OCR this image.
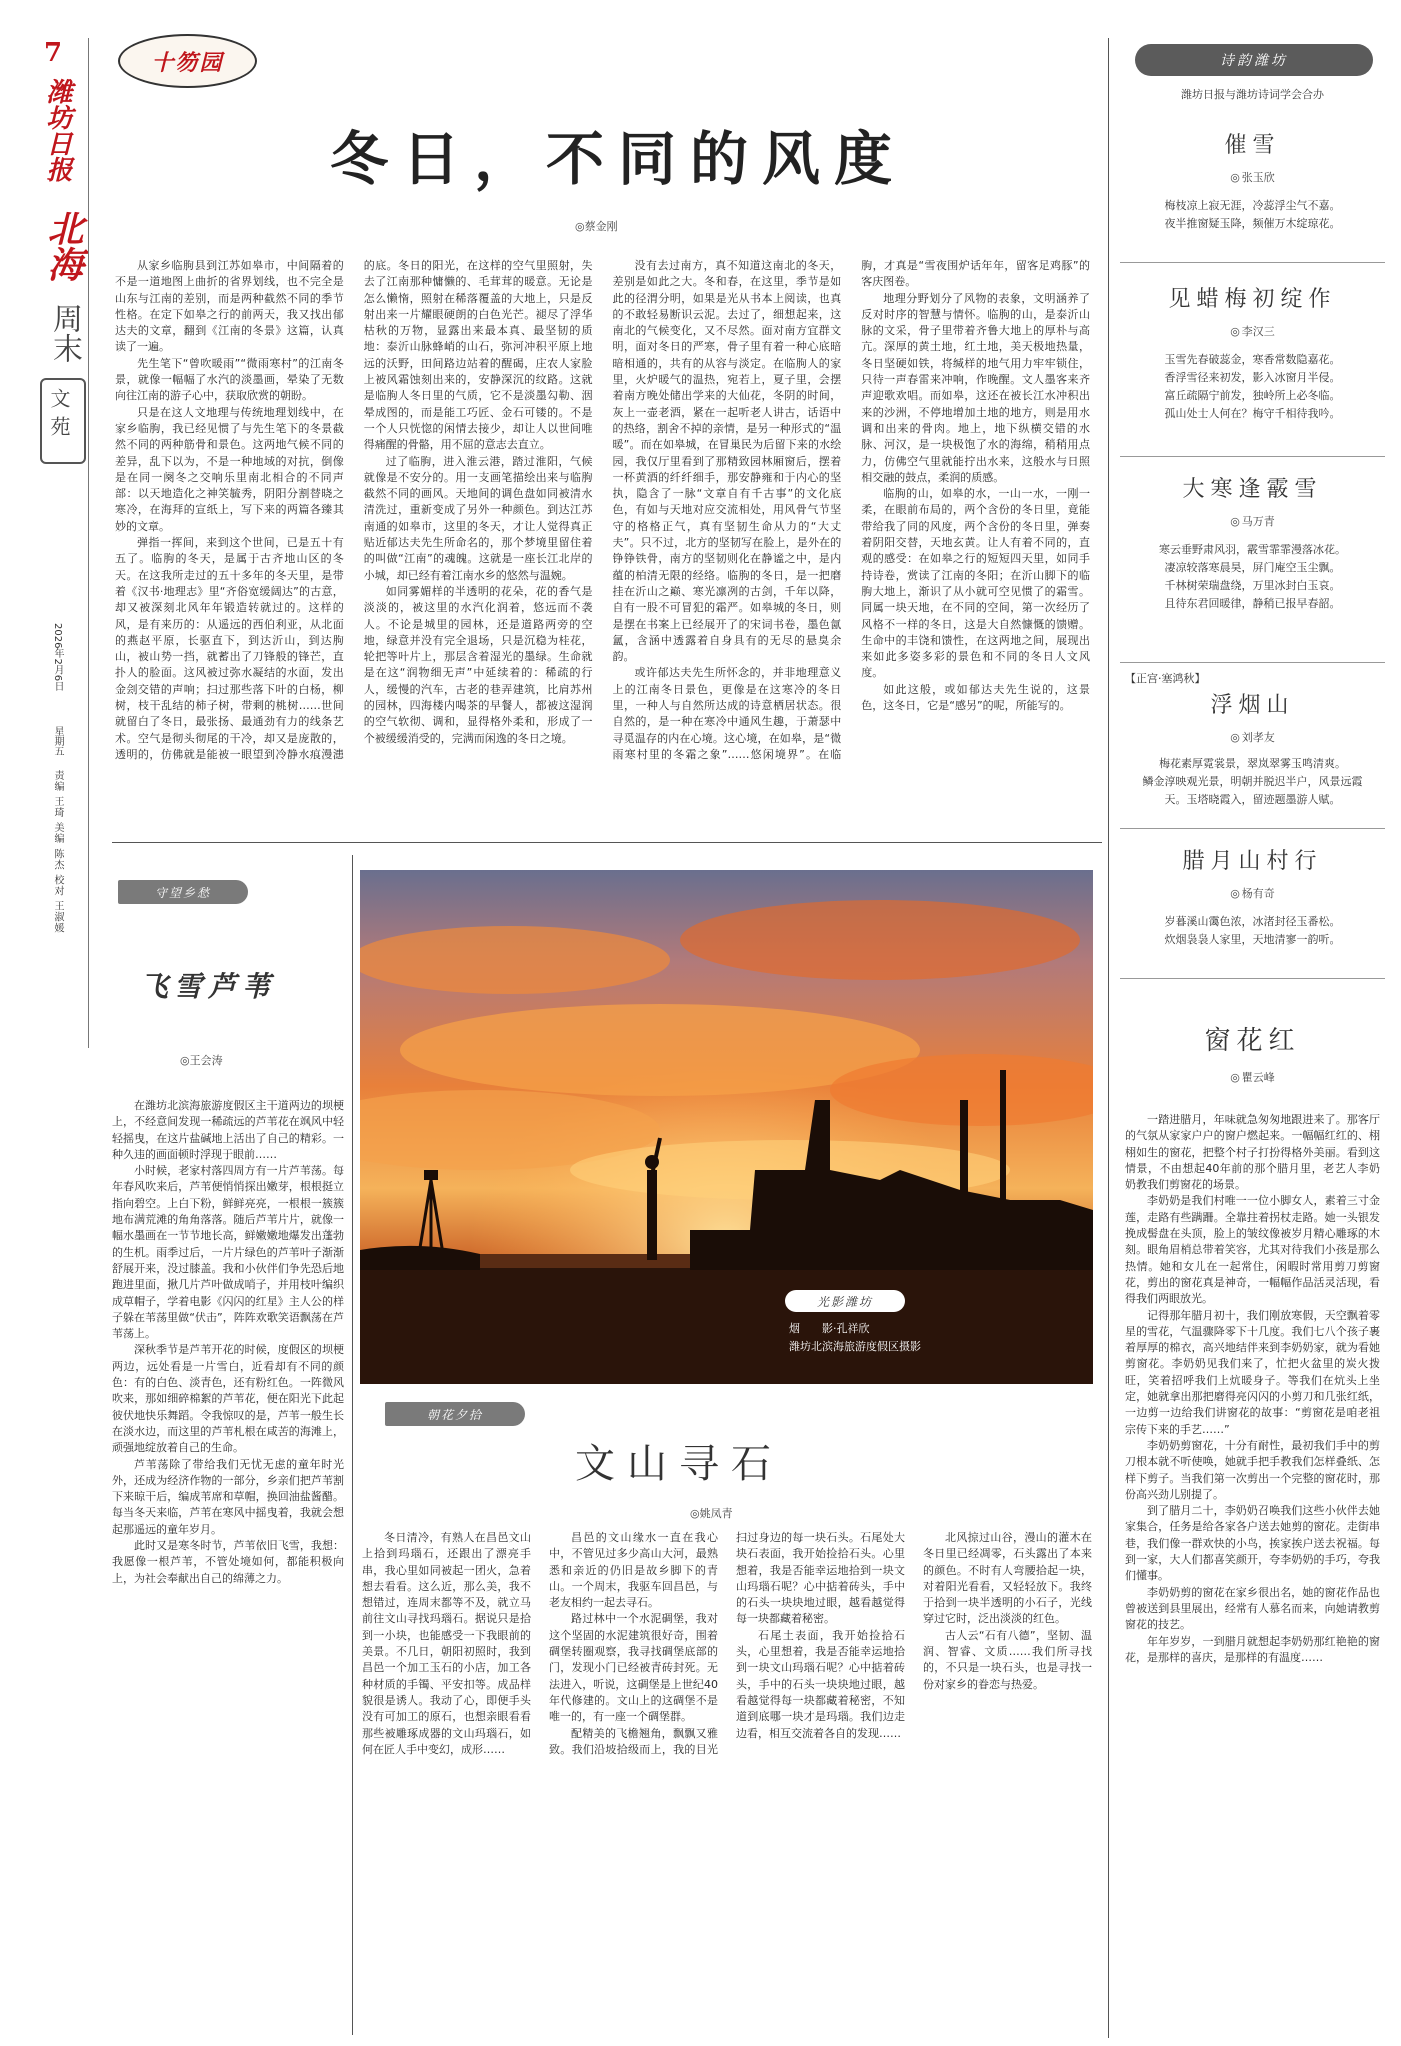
7
潍坊日报
北海
周末
文苑
2026年2月6日
星期五
责编 王琦 美编 陈杰 校对 王淑媛
十笏园
冬日，不同的风度
◎蔡金刚

从家乡临朐县到江苏如皋市，中间隔着的不是一道地图上曲折的省界划线，也不完全是山东与江南的差别，而是两种截然不同的季节性格。在定下如皋之行的前两天，我又找出郁达夫的文章，翻到《江南的冬景》这篇，认真读了一遍。

先生笔下“曾吹暖雨”“微雨寒村”的江南冬景，就像一幅幅了水汽的淡墨画，晕染了无数向往江南的游子心中，获取欣赏的朝盼。

只是在这人文地理与传统地理划线中，在家乡临朐，我已经见惯了与先生笔下的冬景截然不同的两种筋骨和景色。这两地气候不同的差异，乱下以为，不是一种地域的对抗，倒像是在同一阕冬之交响乐里南北相合的不同声部：以天地造化之神笑毓秀，阴阳分割替晓之寒冷，在海拜的宣纸上，写下来的两篇各臻其妙的文章。

弹指一挥间，来到这个世间，已是五十有五了。临朐的冬天，是属于古齐地山区的冬天。在这我所走过的五十多年的冬天里，是带着《汉书·地理志》里“齐俗宽缓阔达”的古意，却又被深刻北风年年锻造转就过的。这样的风，是有来历的：从遥远的西伯利亚，从北面的燕赵平原，长驱直下，到达沂山，到达朐山，被山势一挡，就蓄出了刀锋般的锋芒，直扑人的脸面。这风被过弥水凝结的水面，发出金刽交错的声响；扫过那些落下叶的白杨，柳树，枝干乱结的柿子树，带剩的桃树……世间就留白了冬日，最张扬、最通劲有力的线条艺术。空气是彻头彻尾的干冷，却又是庞散的，透明的，仿佛就是能被一眼望到冷静水痕漫漶的底。冬日的阳光，在这样的空气里照射，失去了江南那种慵懒的、毛茸茸的暖意。无论是怎么懒惰，照射在稀落覆盖的大地上，只是反射出来一片耀眼硬朗的白色光芒。褪尽了浮华枯秋的万物，显露出来最本真、最坚韧的质地：泰沂山脉蜂峭的山石，弥河冲积平原上地远的沃野，田间路边站着的醒碣，庄农人家脸上被风霜蚀刻出来的，安静深沉的纹路。这就是临朐人冬日里的气质，它不是淡墨勾勒、洇晕成图的，而是能工巧匠、金石可镂的。不是一个人只恍惚的闲情去接少，却让人以世间唯得痛醒的骨骼，用不屈的意志去直立。

过了临朐，进入淮云港，踏过淮阳，气候就像是不安分的。用一支画笔描绘出来与临朐截然不同的画风。天地间的调色盘如同被清水清洗过，重新变成了另外一种颜色。到达江苏南通的如皋市，这里的冬天，才让人觉得真正贴近郁达夫先生所命名的，那个梦境里留住着的叫做“江南”的魂魄。这就是一座长江北岸的小城，却已经有着江南水乡的悠然与温婉。

如同雾媚样的半透明的花朵，花的香气是淡淡的，被这里的水汽化润着，悠远而不袭人。不论是城里的园林，还是道路两旁的空地，绿意并没有完全退场，只是沉稳为桂花，轮把等叶片上，那层含着湿光的墨绿。生命就是在这“润物细无声”中延续着的：稀疏的行人，缓慢的汽车，古老的巷弄建筑，比肩苏州的园林，四海楼内喝茶的早餐人，都被这湿润的空气软彻、调和，显得格外柔和，形成了一个被缓缓消受的，完满而闲逸的冬日之境。

没有去过南方，真不知道这南北的冬天，差别是如此之大。冬和春，在这里，季节是如此的径渭分明，如果是光从书本上阅读，也真的不敢轻易断识云泥。去过了，细想起来，这南北的气候变化，又不尽然。面对南方宜群文明，面对冬日的严寒，骨子里有着一种心底暗暗相通的，共有的从容与淡定。在临朐人的家里，火炉暖气的温热，宛若上，夏子里，会摆着南方晚处储出学来的大仙花，冬阴的时间，灰上一壶老酒，紧在一起听老人讲古，话语中的热络，割舍不掉的亲情，是另一种形式的“温暖”。而在如皋城，在冒巢民为后留下来的水绘园，我仅厅里看到了那精致园林厢窗后，摆着一杯黄酒的纤纤细手，那安静雍和于内心的坚执，隐含了一脉“文章自有千古事”的文化底色，有如与天地对应交流相处，用风骨气节坚守的格格正气，真有坚韧生命从力的“大丈夫”。只不过，北方的坚韧写在脸上，是外在的铮铮铁骨，南方的坚韧则化在静谧之中，是内蕴的柏清无限的经络。临朐的冬日，是一把磨挂在沂山之巅、寒光凛冽的古剑，千年以降，自有一股不可冒犯的霜严。如皋城的冬日，则是摆在书案上已经展开了的宋词书卷，墨色氤氲，含涵中透露着自身具有的无尽的悬臭余韵。

或许郁达夫先生所怀念的，并非地理意义上的江南冬日景色，更像是在这寒冷的冬日里，一种人与自然所达成的诗意栖居状态。很自然的，是一种在寒冷中通风生趣，于萧瑟中寻觅温存的内在心境。这心境，在如皋，是“微雨寒村里的冬霜之象”……悠闲境界”。在临朐，才真是“雪夜围炉话年年，留客足鸡豚”的客庆图卷。

地理分野划分了风物的表象，文明涵养了反对时序的智慧与情怀。临朐的山，是泰沂山脉的文采，骨子里带着齐鲁大地上的厚朴与高亢。深厚的黄土地，红土地，美天极地热量，冬日坚硬如铁，将缄样的地气用力牢牢锁住，只待一声春雷来冲响，作晚醒。文人墨客来齐声迎歌欢唱。而如皋，这还在被长江水冲积出来的沙洲，不停地增加土地的地方，则是用水调和出来的骨肉。地上，地下纵横交错的水脉、河汉，是一块极饱了水的海绵，稍稍用点力，仿佛空气里就能拧出水来，这般水与日照相交融的鼓点，柔润的质感。

临朐的山，如皋的水，一山一水，一刚一柔，在眼前布局的，两个含份的冬日里，竟能带给我了同的风度，两个含份的冬日里，弹奏着阴阳交替，天地玄黄。让人有着不同的，直观的感受：在如皋之行的短短四天里，如同手持诗卷，赏读了江南的冬阳；在沂山脚下的临朐大地上，渐识了从小就可空见惯了的霜雪。同属一块天地，在不同的空间，第一次经历了风格不一样的冬日，这是大自然慷慨的馈赠。生命中的丰饶和馈性，在这两地之间，展现出来如此多姿多彩的景色和不同的冬日人文风度。

如此这般，或如郁达夫先生说的，这景色，这冬日，它是“感另”的呢，所能写的。

诗韵潍坊
潍坊日报与潍坊诗词学会合办
催雪
◎ 张玉欣
梅枝凉上寂无涯，冷蕊浮尘气不嘉。
夜半推窗疑玉降，频催万木绽琼花。
见蜡梅初绽作
◎ 李汉三
玉雪先春破蕊金，寒香常数隐嘉花。
香浮雪径来初发，影入冰窗月半侵。
富丘疏隔宁前发，独岭所上必冬临。
孤山处士人何在？梅守千相待我吟。
大寒逢霰雪
◎ 马万青
寒云垂野肃风羽，霰雪霏霏漫落冰花。
凄凉较落寒晨昊，屏门庵空玉尘飘。
千林树荣瑞盘绕，万里冰封白玉哀。
且待东君回暖律，静稍已报早春韶。
【正宫·塞鸿秋】
浮烟山
◎ 刘孝友
梅花素厚霓裳景，翠岚翠雾玉鸣清爽。
鳞金淳映观光景，明朝并脱迟半户，风景远霞天。玉塔晓霞入，留迹题墨游人赋。
腊月山村行
◎ 杨有奇
岁暮溪山霭色浓，冰渚封径玉番松。
炊烟袅袅人家里，天地清寥一韵听。
窗花红
◎ 瞿云峰

一踏进腊月，年味就急匆匆地跟进来了。那客厅的气氛从家家户户的窗户燃起来。一幅幅红红的、栩栩如生的窗花，把整个村子打扮得格外美丽。看到这情景，不由想起40年前的那个腊月里，老艺人李奶奶教我们剪窗花的场景。

李奶奶是我们村唯一一位小脚女人，素着三寸金莲，走路有些蹒跚。全靠拄着拐杖走路。她一头银发挽成髻盘在头顶，脸上的皱纹像被岁月精心雕琢的木刻。眼角眉梢总带着笑容，尤其对待我们小孩是那么热情。她和女儿在一起常住，闲暇时常用剪刀剪窗花，剪出的窗花真是神奇，一幅幅作品活灵活现，看得我们两眼放光。

记得那年腊月初十，我们刚放寒假，天空飘着零星的雪花，气温骤降零下十几度。我们七八个孩子裹着厚厚的棉衣，高兴地结伴来到李奶奶家，就为看她剪窗花。李奶奶见我们来了，忙把火盆里的炭火拨旺，笑着招呼我们上炕暖身子。等我们在炕头上坐定，她就拿出那把磨得亮闪闪的小剪刀和几张红纸，一边剪一边给我们讲窗花的故事：“剪窗花是咱老祖宗传下来的手艺……”

李奶奶剪窗花，十分有耐性，最初我们手中的剪刀根本就不听使唤，她就手把手教我们怎样叠纸、怎样下剪子。当我们第一次剪出一个完整的窗花时，那份高兴劲儿别提了。

到了腊月二十，李奶奶召唤我们这些小伙伴去她家集合，任务是给各家各户送去她剪的窗花。走街串巷，我们像一群欢快的小鸟，挨家挨户送去祝福。每到一家，大人们都喜笑颜开，夸李奶奶的手巧，夸我们懂事。

李奶奶剪的窗花在家乡很出名，她的窗花作品也曾被送到县里展出，经常有人慕名而来，向她请教剪窗花的技艺。

年年岁岁，一到腊月就想起李奶奶那红艳艳的窗花，是那样的喜庆，是那样的有温度……

守望乡愁
飞雪芦苇
◎王会涛

在潍坊北滨海旅游度假区主干道两边的坝梗上，不经意间发现一稀疏远的芦苇花在飒风中轻轻摇曳，在这片盐碱地上活出了自己的精彩。一种久违的画面顿时浮现于眼前……

小时候，老家村落四周方有一片芦苇荡。每年春风吹来后，芦苇便悄悄探出嫩芽，根根挺立指向碧空。上白下粉，鲜鲜亮亮，一根根一簇簇地布满荒滩的角角落落。随后芦苇片片，就像一幅水墨画在一节节地长高，鲜嫩嫩地爆发出蓬勃的生机。雨季过后，一片片绿色的芦苇叶子渐渐舒展开来，没过膝盖。我和小伙伴们争先恐后地跑进里面，揪几片芦叶做成哨子，并用枝叶编织成草帽子，学着电影《闪闪的红星》主人公的样子躲在苇荡里做“伏击”，阵阵欢歌笑语飘荡在芦苇荡上。

深秋季节是芦苇开花的时候，度假区的坝梗两边，远处看是一片雪白，近看却有不同的颜色：有的白色、淡青色，还有粉红色。一阵微风吹来，那如细碎棉絮的芦苇花，便在阳光下此起彼伏地快乐舞蹈。令我惊叹的是，芦苇一般生长在淡水边，而这里的芦苇札根在咸苦的海滩上，顽强地绽放着自己的生命。

芦苇荡除了带给我们无忧无虑的童年时光外，还成为经济作物的一部分，乡亲们把芦苇割下来晾干后，编成苇席和草帽，换回油盐酱醋。每当冬天来临，芦苇在寒风中摇曳着，我就会想起那遥远的童年岁月。

此时又是寒冬时节，芦苇依旧飞雪，我想：我愿像一根芦苇，不管处境如何，都能积极向上，为社会奉献出自己的绵薄之力。

光影潍坊
烟　　影·孔祥欣
潍坊北滨海旅游度假区摄影
朝花夕拾
文山寻石
◎姚凤青

冬日清冷，有熟人在昌邑文山上拾到玛瑙石，还跟出了漂亮手串，我心里如同被起一团火，急着想去看看。这么近，那么美，我不想错过，连周末都等不及，就立马前往文山寻找玛瑙石。据说只是拾到一小块，也能感受一下我眼前的美景。不几日，朝阳初照时，我到昌邑一个加工玉石的小店，加工各种材质的手镯、平安扣等。成品样貌很是诱人。我动了心，即便手头没有可加工的原石，也想亲眼看看那些被雕琢成器的文山玛瑙石，如何在匠人手中变幻，成形……

昌邑的文山缘水一直在我心中，不管见过多少高山大河，最熟悉和亲近的仍旧是故乡脚下的青山。一个周末，我驱车回昌邑，与老友相约一起去寻石。

路过林中一个水泥碉堡，我对这个坚固的水泥建筑很好奇，围着碉堡转圈观察，我寻找碉堡底部的门，发现小门已经被青砖封死。无法进入，听说，这碉堡是上世纪40年代修建的。文山上的这碉堡不是唯一的，有一座一个碉堡群。

配精美的飞檐翘角，飘飘又雅致。我们沿坡拾级而上，我的目光扫过身边的每一块石头。石尾处大块石表面，我开始捡拾石头。心里想着，我是否能幸运地拾到一块文山玛瑙石呢？心中掂着砖头，手中的石头一块块地过眼，越看越觉得每一块都藏着秘密。

石尾土表面，我开始捡拾石头，心里想着，我是否能幸运地拾到一块文山玛瑙石呢？心中掂着砖头，手中的石头一块块地过眼，越看越觉得每一块都藏着秘密，不知道到底哪一块才是玛瑙。我们边走边看，相互交流着各自的发现……

北风掠过山谷，漫山的灌木在冬日里已经凋零，石头露出了本来的颜色。不时有人弯腰拾起一块，对着阳光看看，又轻轻放下。我终于拾到一块半透明的小石子，光线穿过它时，泛出淡淡的红色。

古人云“石有八德”，坚韧、温润、智睿、文质……我们所寻找的，不只是一块石头，也是寻找一份对家乡的眷恋与热爱。
